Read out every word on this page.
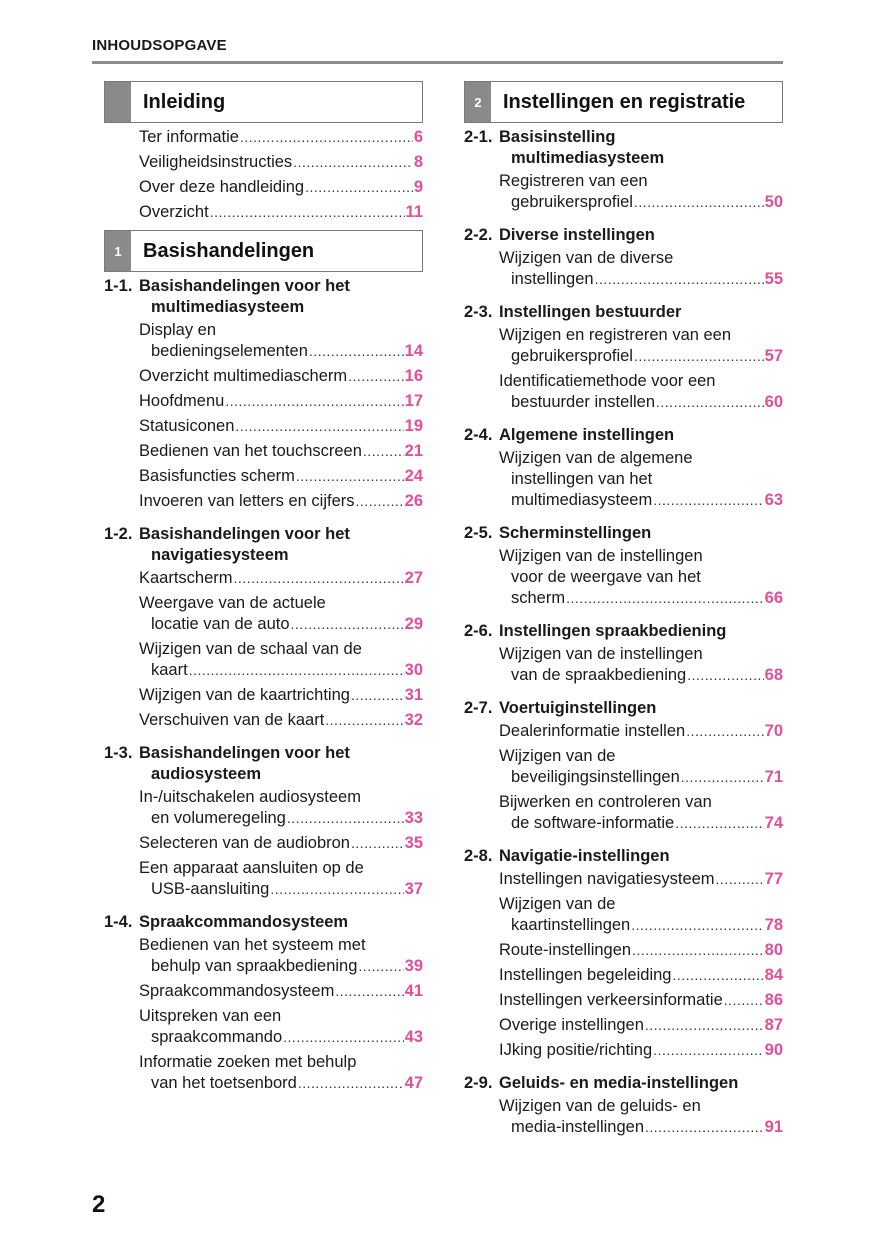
INHOUDSOPGAVE
Inleiding
Ter informatie .....	6
Veiligheidsinstructies .....	8
Over deze handleiding .....	9
Overzicht .....	11
1	Basishandelingen
1-1. Basishandelingen voor het
multimediasysteem
Display en
bedieningselementen .....	14
Overzicht multimediascherm .....	16
Hoofdmenu .....	17
Statusiconen .....	19
Bedienen van het touchscreen .....	21
Basisfuncties scherm .....	24
Invoeren van letters en cijfers .....	26
1-2. Basishandelingen voor het
navigatiesysteem
Kaartscherm .....	27
Weergave van de actuele
locatie van de auto .....	29
Wijzigen van de schaal van de
kaart .....	30
Wijzigen van de kaartrichting .....	31
Verschuiven van de kaart .....	32
1-3. Basishandelingen voor het
audiosysteem
In-/uitschakelen audiosysteem
en volumeregeling .....	33
Selecteren van de audiobron .....	35
Een apparaat aansluiten op de
USB-aansluiting .....	37
1-4. Spraakcommandosysteem
Bedienen van het systeem met
behulp van spraakbediening .....	39
Spraakcommandosysteem .....	41
Uitspreken van een
spraakcommando .....	43
Informatie zoeken met behulp
van het toetsenbord .....	47
2	Instellingen en registratie
2-1. Basisinstelling
multimediasysteem
Registreren van een
gebruikersprofiel .....	50
2-2. Diverse instellingen
Wijzigen van de diverse
instellingen .....	55
2-3. Instellingen bestuurder
Wijzigen en registreren van een
gebruikersprofiel .....	57
Identificatiemethode voor een
bestuurder instellen .....	60
2-4. Algemene instellingen
Wijzigen van de algemene
instellingen van het
multimediasysteem .....	63
2-5. Scherminstellingen
Wijzigen van de instellingen
voor de weergave van het
scherm .....	66
2-6. Instellingen spraakbediening
Wijzigen van de instellingen
van de spraakbediening .....	68
2-7. Voertuiginstellingen
Dealerinformatie instellen .....	70
Wijzigen van de
beveiligingsinstellingen .....	71
Bijwerken en controleren van
de software-informatie .....	74
2-8. Navigatie-instellingen
Instellingen navigatiesysteem .....	77
Wijzigen van de
kaartinstellingen .....	78
Route-instellingen .....	80
Instellingen begeleiding .....	84
Instellingen verkeersinformatie .....	86
Overige instellingen .....	87
IJking positie/richting .....	90
2-9. Geluids- en media-instellingen
Wijzigen van de geluids- en
media-instellingen .....	91
2
